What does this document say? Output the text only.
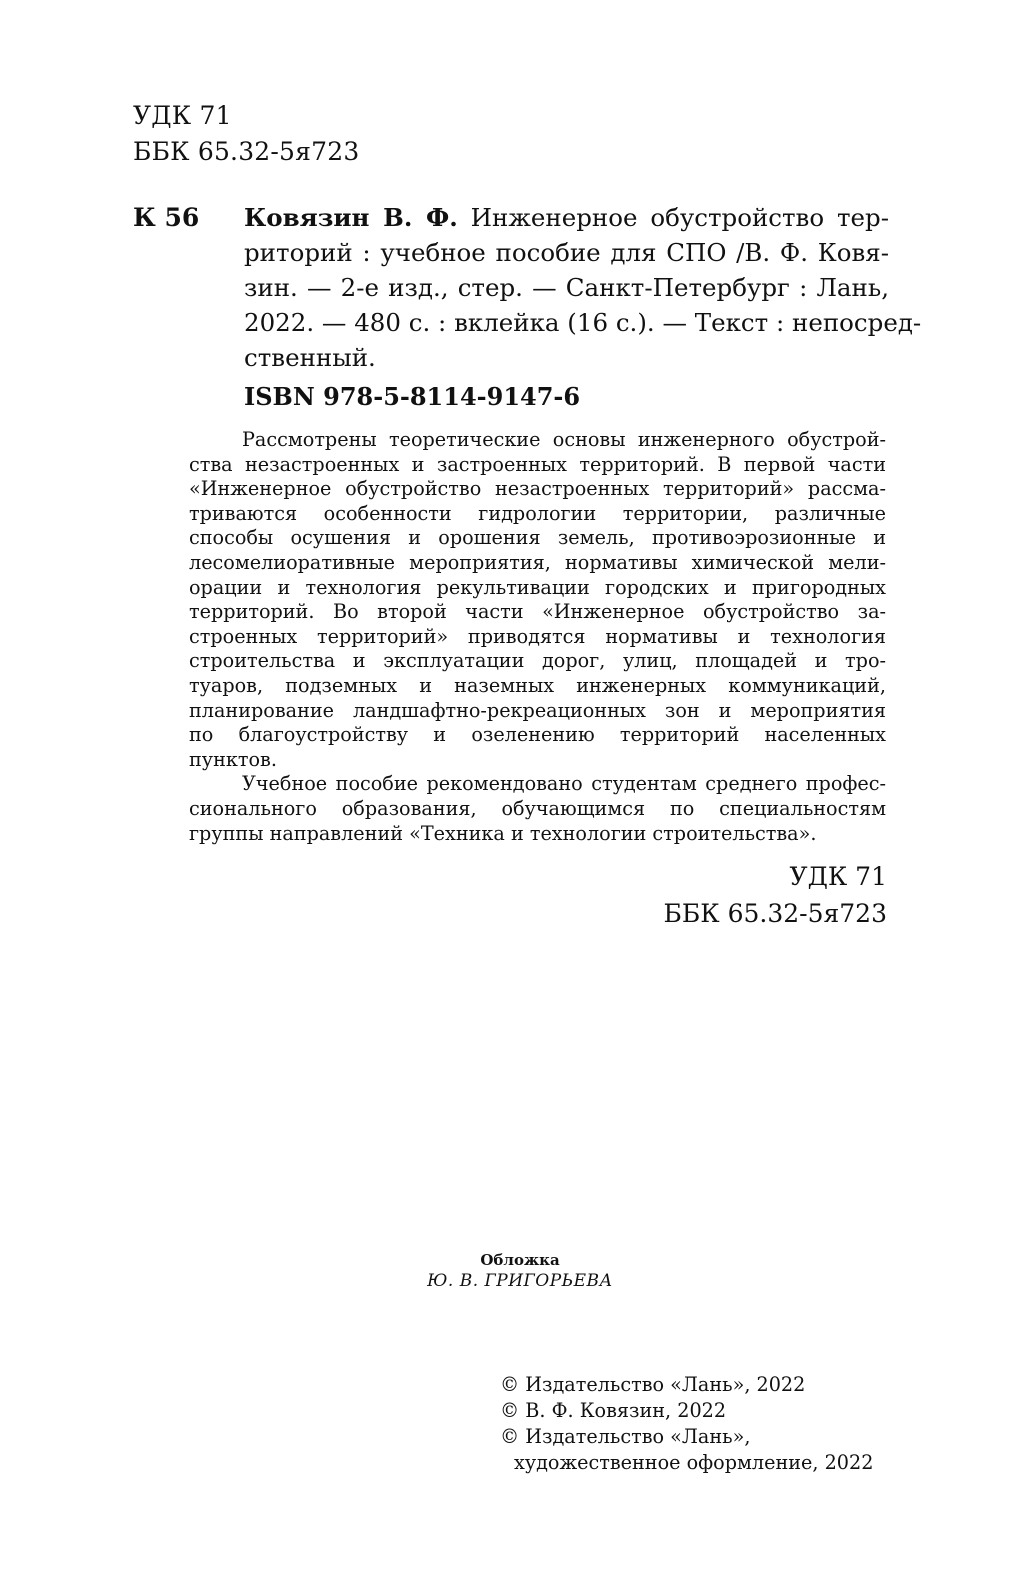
УДК 71
ББК 65.32-5я723
К 56 Ковязин В. Ф. Инженерное обустройство тер-
риторий : учебное пособие для СПО /В. Ф. Ковя-
зин. — 2-е изд., стер. — Санкт-Петербург : Лань,
2022. — 480 с. : вклейка (16 с.). — Текст : непосред-
ственный.
ISBN 978-5-8114-9147-6
Рассмотрены теоретические основы инженерного обустрой-
ства незастроенных и застроенных территорий. В первой части
«Инженерное обустройство незастроенных территорий» рассма-
триваются особенности гидрологии территории, различные
способы осушения и орошения земель, противоэрозионные и
лесомелиоративные мероприятия, нормативы химической мели-
орации и технология рекультивации городских и пригородных
территорий. Во второй части «Инженерное обустройство за-
строенных территорий» приводятся нормативы и технология
строительства и эксплуатации дорог, улиц, площадей и тро-
туаров, подземных и наземных инженерных коммуникаций,
планирование ландшафтно-рекреационных зон и мероприятия
по благоустройству и озеленению территорий населенных
пунктов.
Учебное пособие рекомендовано студентам среднего профес-
сионального образования, обучающимся по специальностям
группы направлений «Техника и технологии строительства».
УДК 71
ББК 65.32-5я723
Обложка
Ю. В. ГРИГОРЬЕВА
© Издательство «Лань», 2022
© В. Ф. Ковязин, 2022
© Издательство «Лань»,
художественное оформление, 2022
